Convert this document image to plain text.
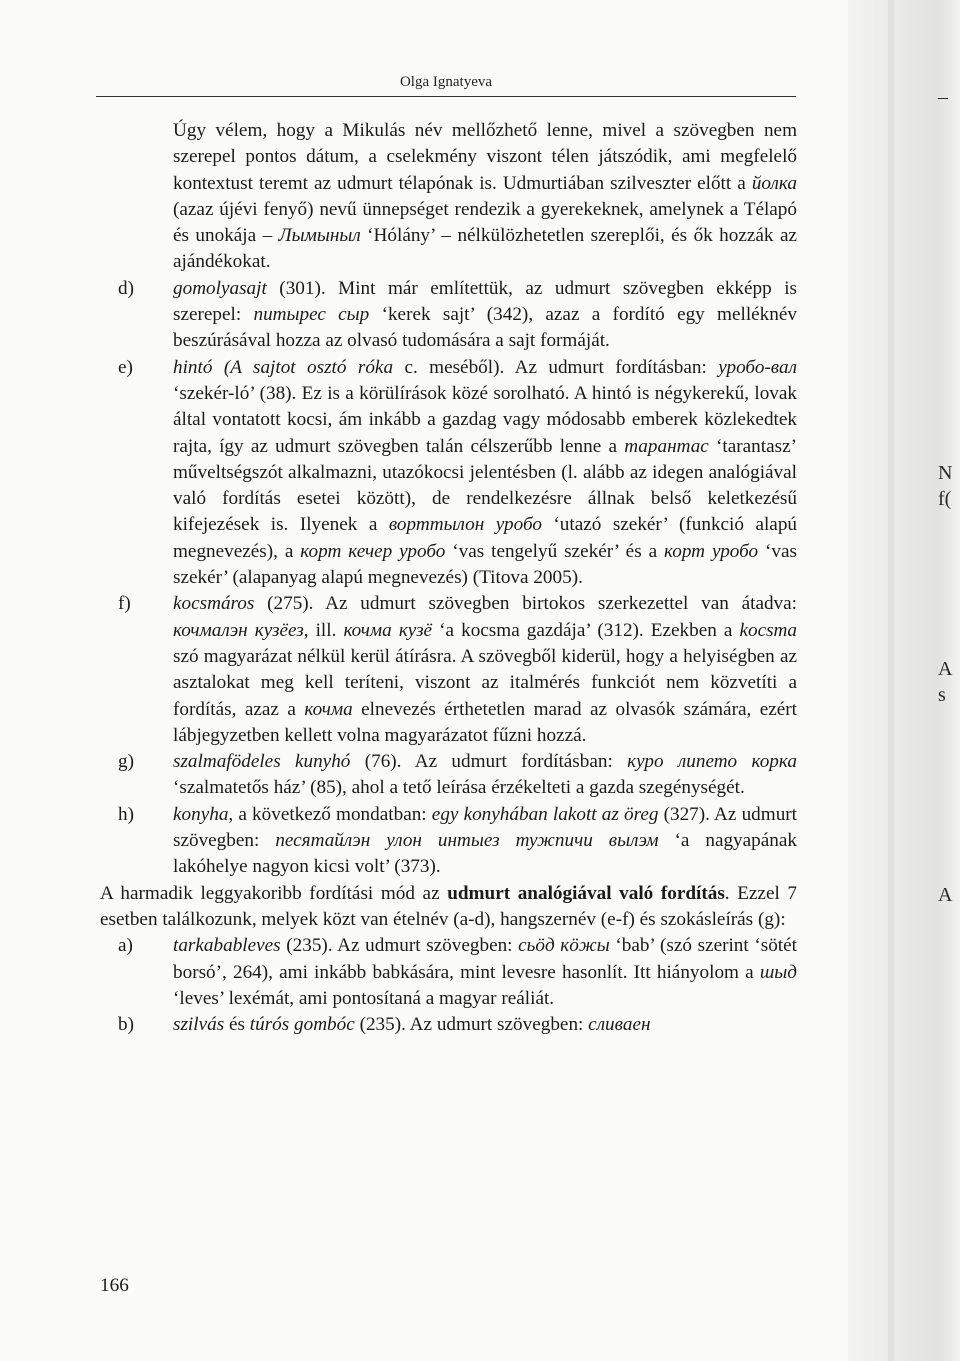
–
N
f(
A
s
A
Olga Ignatyeva

Úgy vélem, hogy a Mikulás név mellőzhető lenne, mivel a szövegben nem szerepel pontos dátum, a cselekmény viszont télen játszódik, ami megfelelő kontextust teremt az udmurt télapónak is. Udmurtiában szilveszter előtt a йолка (azaz újévi fenyő) nevű ünnepséget rendezik a gyerekeknek, amelynek a Télapó és unokája – Лымыныл ‘Hólány’ – nélkülözhetetlen szereplői, és ők hozzák az ajándékokat.

d) gomolyasajt (301). Mint már említettük, az udmurt szövegben ekképp is szerepel: питырес сыр ‘kerek sajt’ (342), azaz a fordító egy melléknév beszúrásával hozza az olvasó tudomására a sajt formáját.

e) hintó (A sajtot osztó róka c. meséből). Az udmurt fordításban: уробо-вал ‘szekér-ló’ (38). Ez is a körülírások közé sorolható. A hintó is négykerekű, lovak által vontatott kocsi, ám inkább a gazdag vagy módosabb emberek közlekedtek rajta, így az udmurt szövegben talán célszerűbb lenne a тарантас ‘tarantasz’ műveltségszót alkalmazni, utazókocsi jelentésben (l. alább az idegen analógiával való fordítás esetei között), de rendelkezésre állnak belső keletkezésű kifejezések is. Ilyenek a ворттылон уробо ‘utazó szekér’ (funkció alapú megnevezés), a корт кечер уробо ‘vas tengelyű szekér’ és a корт уробо ‘vas szekér’ (alapanyag alapú megnevezés) (Titova 2005).

f) kocsmáros (275). Az udmurt szövegben birtokos szerkezettel van átadva: кочмалэн кузёез, ill. кочма кузё ‘a kocsma gazdája’ (312). Ezekben a kocsma szó magyarázat nélkül kerül átírásra. A szövegből kiderül, hogy a helyiségben az asztalokat meg kell teríteni, viszont az italmérés funkciót nem közvetíti a fordítás, azaz a кочма elnevezés érthetetlen marad az olvasók számára, ezért lábjegyzetben kellett volna magyarázatot fűzni hozzá.

g) szalmafödeles kunyhó (76). Az udmurt fordításban: куро липето корка ‘szalmatetős ház’ (85), ahol a tető leírása érzékelteti a gazda szegénységét.

h) konyha, a következő mondatban: egy konyhában lakott az öreg (327). Az udmurt szövegben: песятайлэн улон интыез тужпичи вылэм ‘a nagyapának lakóhelye nagyon kicsi volt’ (373).

A harmadik leggyakoribb fordítási mód az udmurt analógiával való fordítás. Ezzel 7 esetben találkozunk, melyek közt van ételnév (a-d), hangszernév (e-f) és szokásleírás (g):

a) tarkabableves (235). Az udmurt szövegben: сьӧд кӧжы ‘bab’ (szó szerint ‘sötét borsó’, 264), ami inkább babkására, mint levesre hasonlít. Itt hiányolom a шыд ‘leves’ lexémát, ami pontosítaná a magyar reáliát.

b) szilvás és túrós gombóc (235). Az udmurt szövegben: сливаен

166
